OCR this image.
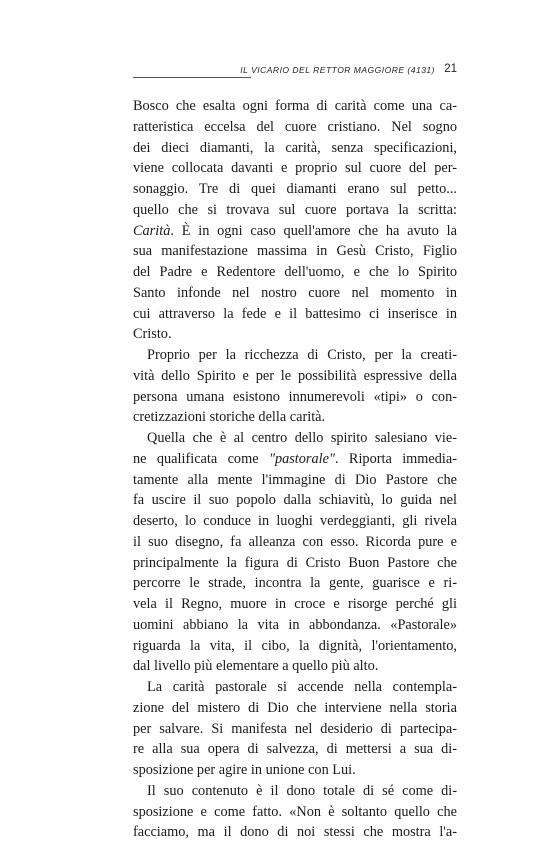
IL VICARIO DEL RETTOR MAGGIORE (4131) 21

Bosco che esalta ogni forma di carità come una ca-

ratteristica eccelsa del cuore cristiano. Nel sogno

dei dieci diamanti, la carità, senza specificazioni,

viene collocata davanti e proprio sul cuore del per-

sonaggio. Tre di quei diamanti erano sul petto...

quello che si trovava sul cuore portava la scritta:

Carità. È in ogni caso quell'amore che ha avuto la

sua manifestazione massima in Gesù Cristo, Figlio

del Padre e Redentore dell'uomo, e che lo Spirito

Santo infonde nel nostro cuore nel momento in

cui attraverso la fede e il battesimo ci inserisce in

Cristo.

Proprio per la ricchezza di Cristo, per la creati-

vità dello Spirito e per le possibilità espressive della

persona umana esistono innumerevoli «tipi» o con-

cretizzazioni storiche della carità.

Quella che è al centro dello spirito salesiano vie-

ne qualificata come "pastorale". Riporta immedia-

tamente alla mente l'immagine di Dio Pastore che

fa uscire il suo popolo dalla schiavitù, lo guida nel

deserto, lo conduce in luoghi verdeggianti, gli rivela

il suo disegno, fa alleanza con esso. Ricorda pure e

principalmente la figura di Cristo Buon Pastore che

percorre le strade, incontra la gente, guarisce e ri-

vela il Regno, muore in croce e risorge perché gli

uomini abbiano la vita in abbondanza. «Pastorale»

riguarda la vita, il cibo, la dignità, l'orientamento,

dal livello più elementare a quello più alto.

La carità pastorale si accende nella contempla-

zione del mistero di Dio che interviene nella storia

per salvare. Si manifesta nel desiderio di partecipa-

re alla sua opera di salvezza, di mettersi a sua di-

sposizione per agire in unione con Lui.

Il suo contenuto è il dono totale di sé come di-

sposizione e come fatto. «Non è soltanto quello che

facciamo, ma il dono di noi stessi che mostra l'a-
